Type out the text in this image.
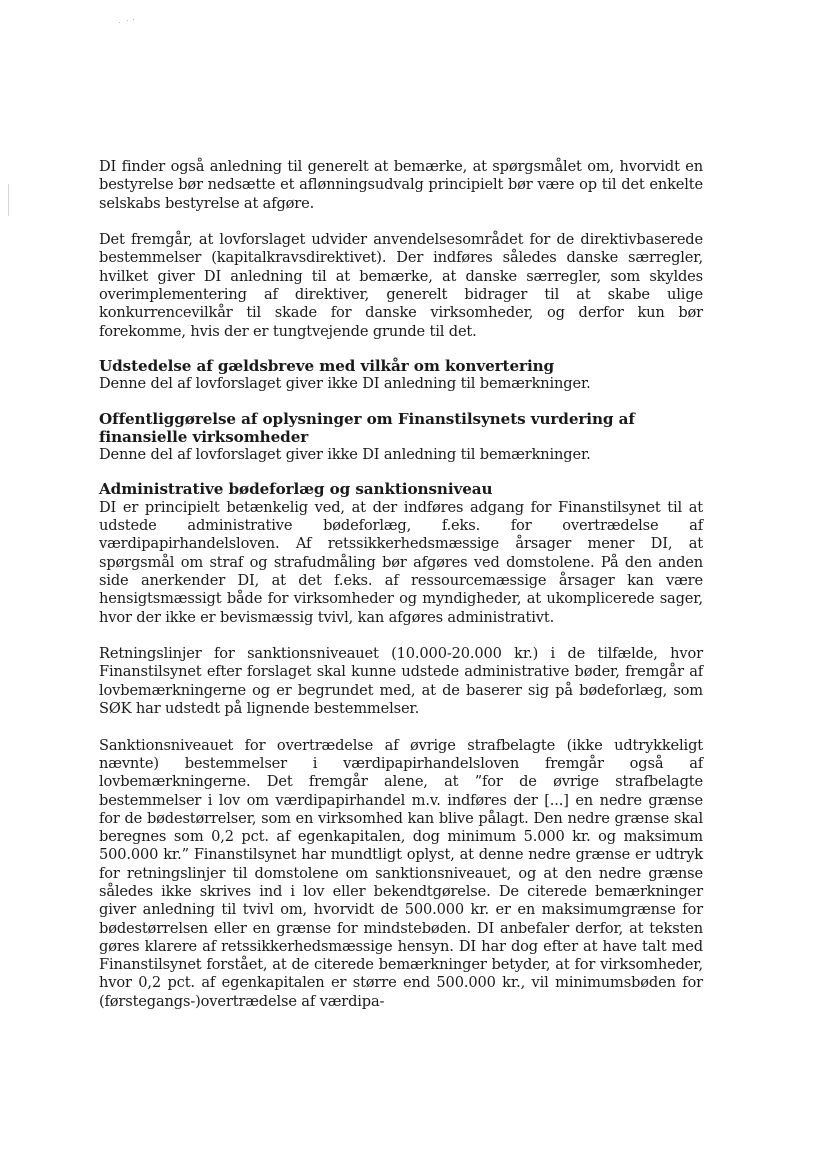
DI finder også anledning til generelt at bemærke, at spørgsmålet om, hvorvidt en bestyrelse bør nedsætte et aflønningsudvalg principielt bør være op til det enkelte selskabs bestyrelse at afgøre.

Det fremgår, at lovforslaget udvider anvendelsesområdet for de direktivbaserede bestemmelser (kapitalkravsdirektivet). Der indføres således danske særregler, hvilket giver DI anledning til at bemærke, at danske særregler, som skyldes overimplementering af direktiver, generelt bidrager til at skabe ulige konkurrencevilkår til skade for danske virksomheder, og derfor kun bør forekomme, hvis der er tungtvejende grunde til det.

Udstedelse af gældsbreve med vilkår om konvertering

Denne del af lovforslaget giver ikke DI anledning til bemærkninger.

Offentliggørelse af oplysninger om Finanstilsynets vurdering af finansielle virksomheder

Denne del af lovforslaget giver ikke DI anledning til bemærkninger.

Administrative bødeforlæg og sanktionsniveau

DI er principielt betænkelig ved, at der indføres adgang for Finanstilsynet til at udstede administrative bødeforlæg, f.eks. for overtrædelse af værdipapirhandelsloven. Af retssikkerhedsmæssige årsager mener DI, at spørgsmål om straf og strafudmåling bør afgøres ved domstolene. På den anden side anerkender DI, at det f.eks. af ressourcemæssige årsager kan være hensigtsmæssigt både for virksomheder og myndigheder, at ukomplicerede sager, hvor der ikke er bevismæssig tvivl, kan afgøres administrativt.

Retningslinjer for sanktionsniveauet (10.000-20.000 kr.) i de tilfælde, hvor Finanstilsynet efter forslaget skal kunne udstede administrative bøder, fremgår af lovbemærkningerne og er begrundet med, at de baserer sig på bødeforlæg, som SØK har udstedt på lignende bestemmelser.

Sanktionsniveauet for overtrædelse af øvrige strafbelagte (ikke udtrykkeligt nævnte) bestemmelser i værdipapirhandelsloven fremgår også af lovbemærkningerne. Det fremgår alene, at ”for de øvrige strafbelagte bestemmelser i lov om værdipapirhandel m.v. indføres der [...] en nedre grænse for de bødestørrelser, som en virksomhed kan blive pålagt. Den nedre grænse skal beregnes som 0,2 pct. af egenkapitalen, dog minimum 5.000 kr. og maksimum 500.000 kr.” Finanstilsynet har mundtligt oplyst, at denne nedre grænse er udtryk for retningslinjer til domstolene om sanktionsniveauet, og at den nedre grænse således ikke skrives ind i lov eller bekendtgørelse. De citerede bemærkninger giver anledning til tvivl om, hvorvidt de 500.000 kr. er en maksimumgrænse for bødestørrelsen eller en grænse for mindstebøden. DI anbefaler derfor, at teksten gøres klarere af retssikkerhedsmæssige hensyn. DI har dog efter at have talt med Finanstilsynet forstået, at de citerede bemærkninger betyder, at for virksomheder, hvor 0,2 pct. af egenkapitalen er større end 500.000 kr., vil minimumsbøden for (førstegangs-)overtrædelse af værdipa-
